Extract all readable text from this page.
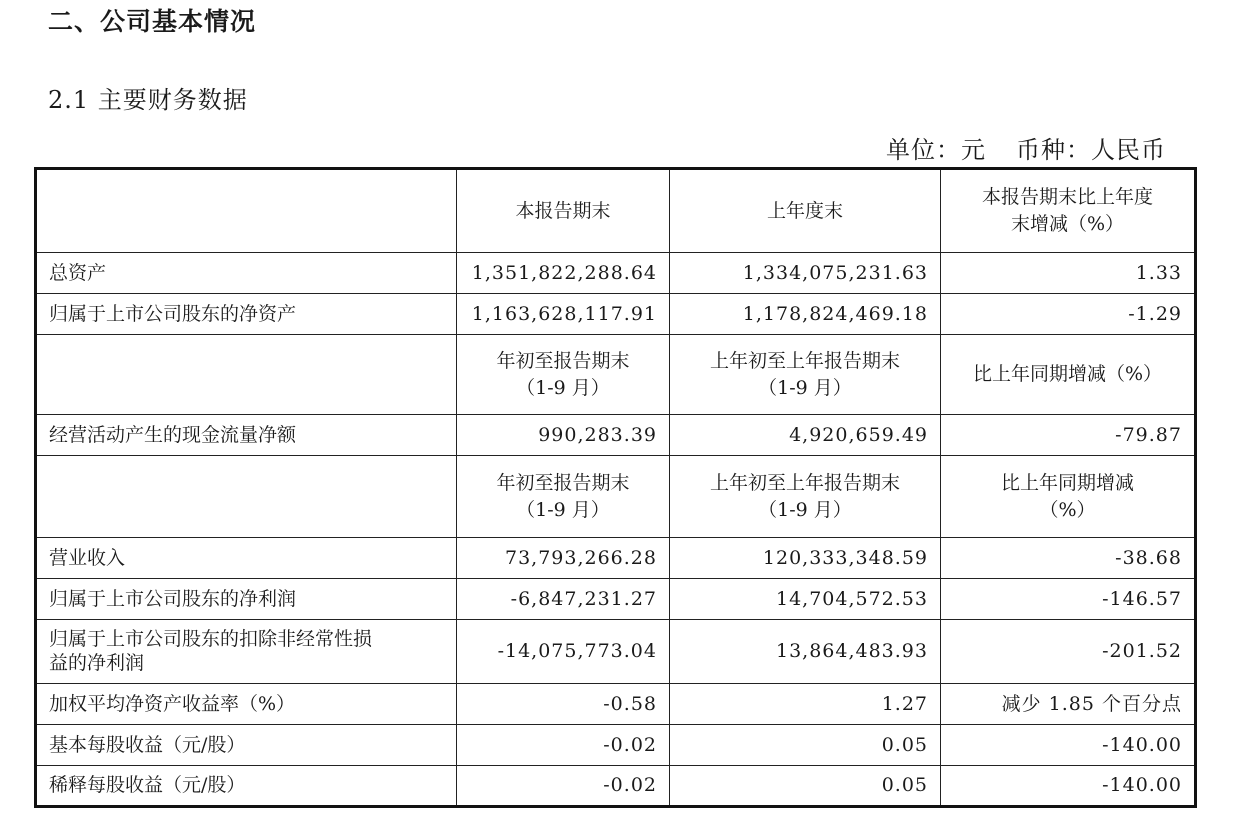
二、公司基本情况
2.1 主要财务数据
单位：元 币种：人民币
	本报告期末	上年度末	本报告期末比上年度
末增减（%）

总资产	1,351,822,288.64	1,334,075,231.63	1.33
归属于上市公司股东的净资产	1,163,628,117.91	1,178,824,469.18	-1.29

	年初至报告期末
（1-9 月）	上年初至上年报告期末
（1-9 月）	比上年同期增减（%）
经营活动产生的现金流量净额	990,283.39	4,920,659.49	-79.87

	年初至报告期末
（1-9 月）	上年初至上年报告期末
（1-9 月）	比上年同期增减
（%）

营业收入	73,793,266.28	120,333,348.59	-38.68
归属于上市公司股东的净利润	-6,847,231.27	14,704,572.53	-146.57

归属于上市公司股东的扣除非经常性损
益的净利润	-14,075,773.04	13,864,483.93	-201.52
加权平均净资产收益率（%）	-0.58	1.27	减少 1.85 个百分点
基本每股收益（元/股）	-0.02	0.05	-140.00
稀释每股收益（元/股）	-0.02	0.05	-140.00
